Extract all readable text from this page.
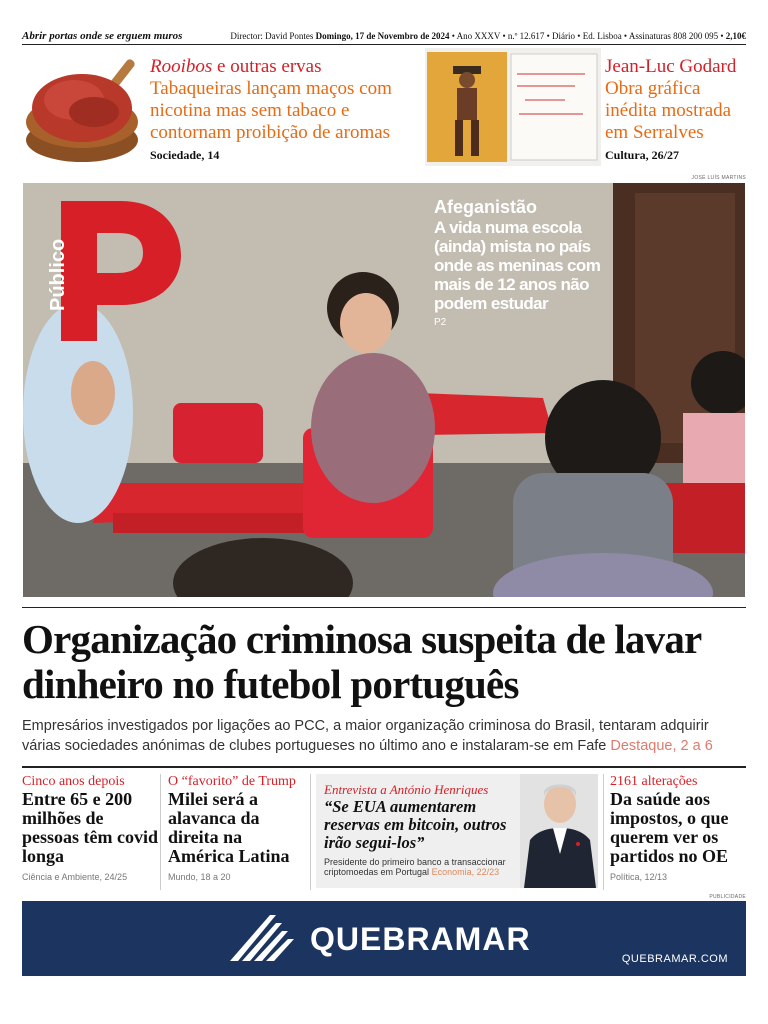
Abrir portas onde se erguem muros	Director: David Pontes Domingo, 17 de Novembro de 2024 • Ano XXXV • n.º 12.617 • Diário • Ed. Lisboa • Assinaturas 808 200 095 • 2,10€
Rooibos e outras ervas
Tabaqueiras lançam maços com nicotina mas sem tabaco e contornam proibição de aromas
Sociedade, 14
Jean-Luc Godard
Obra gráfica inédita mostrada em Serralves
Cultura, 26/27
JOSÉ LUÍS MARTINS
Público
Afeganistão
A vida numa escola (ainda) mista no país onde as meninas com mais de 12 anos não podem estudar
P2
Organização criminosa suspeita de lavar dinheiro no futebol português
Empresários investigados por ligações ao PCC, a maior organização criminosa do Brasil, tentaram adquirir várias sociedades anónimas de clubes portugueses no último ano e instalaram-se em Fafe Destaque, 2 a 6
Cinco anos depois
Entre 65 e 200 milhões de pessoas têm covid longa
Ciência e Ambiente, 24/25
O “favorito” de Trump
Milei será a alavanca da direita na América Latina
Mundo, 18 a 20
Entrevista a António Henriques
“Se EUA aumentarem reservas em bitcoin, outros irão segui-los”
Presidente do primeiro banco a transaccionar criptomoedas em Portugal Economia, 22/23
2161 alterações
Da saúde aos impostos, o que querem ver os partidos no OE
Política, 12/13
PUBLICIDADE
QUEBRAMAR
QUEBRAMAR.COM
